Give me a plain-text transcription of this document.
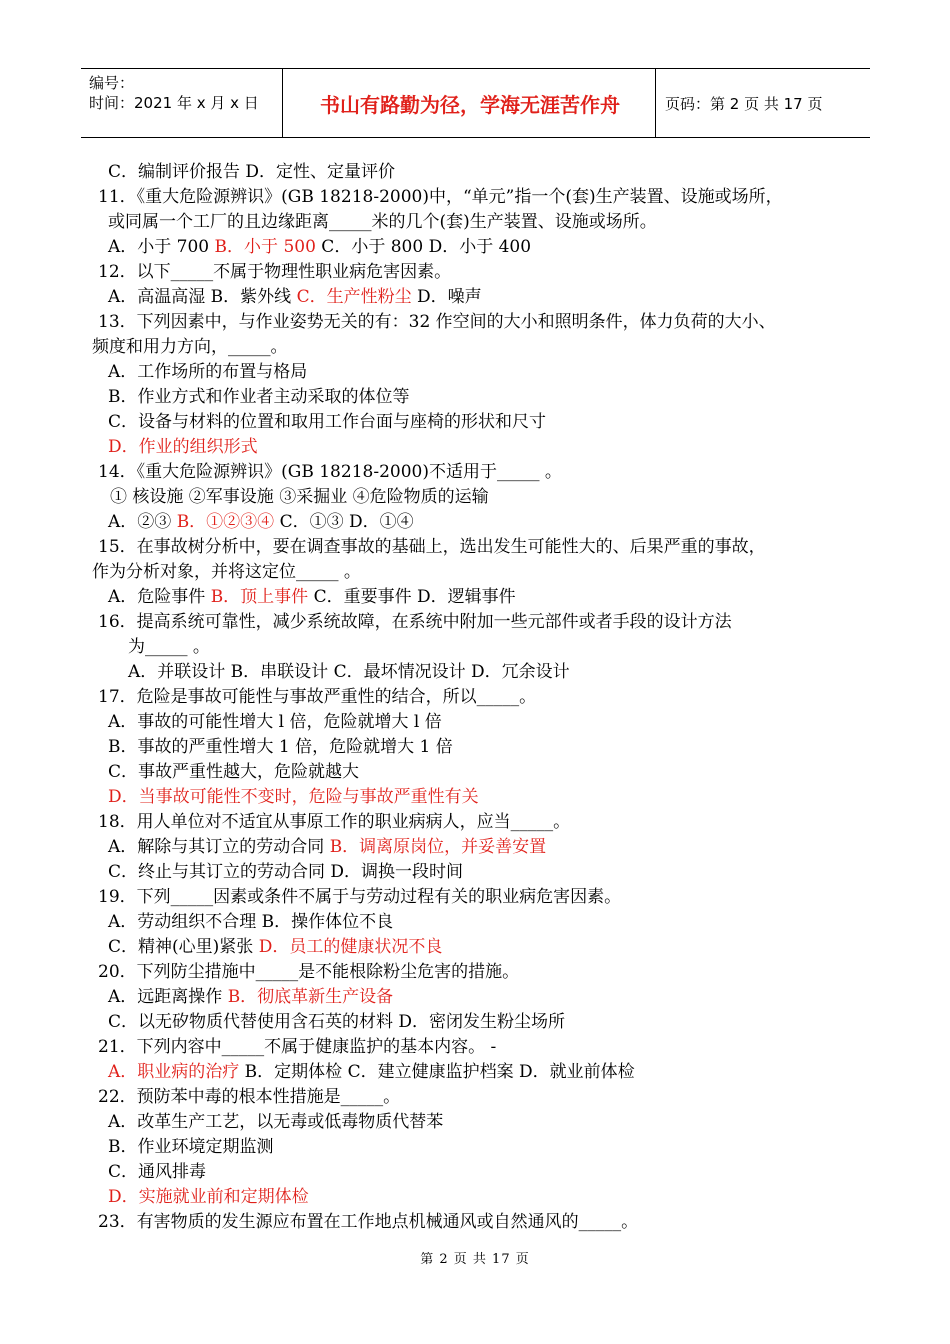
编号：
时间：2021 年 x 月 x 日	书山有路勤为径，学海无涯苦作舟	页码：第 2 页 共 17 页
C．编制评价报告 D．定性、定量评价
11．《重大危险源辨识》(GB 18218-2000)中，“单元”指一个(套)生产装置、设施或场所，
或同属一个工厂的且边缘距离_____米的几个(套)生产装置、设施或场所。
A．小于 700 B．小于 500 C．小于 800 D．小于 400
12．以下_____不属于物理性职业病危害因素。
A．高温高湿 B．紫外线 C．生产性粉尘 D．噪声
13．下列因素中，与作业姿势无关的有：32 作空间的大小和照明条件，体力负荷的大小、
频度和用力方向，_____。
A．工作场所的布置与格局
B．作业方式和作业者主动采取的体位等
C．设备与材料的位置和取用工作台面与座椅的形状和尺寸
D．作业的组织形式
14．《重大危险源辨识》(GB 18218-2000)不适用于_____ 。
① 核设施 ②军事设施 ③采掘业 ④危险物质的运输
A．②③ B．①②③④ C．①③ D．①④
15．在事故树分析中，要在调查事故的基础上，选出发生可能性大的、后果严重的事故，
作为分析对象，并将这定位_____ 。
A．危险事件 B．顶上事件 C．重要事件 D．逻辑事件
16．提高系统可靠性，减少系统故障，在系统中附加一些元部件或者手段的设计方法
为_____ 。
A．并联设计 B．串联设计 C．最坏情况设计 D．冗余设计
17．危险是事故可能性与事故严重性的结合，所以_____。
A．事故的可能性增大 l 倍，危险就增大 l 倍
B．事故的严重性增大 1 倍，危险就增大 1 倍
C．事故严重性越大，危险就越大
D．当事故可能性不变时，危险与事故严重性有关
18．用人单位对不适宜从事原工作的职业病病人，应当_____。
A．解除与其订立的劳动合同 B．调离原岗位，并妥善安置
C．终止与其订立的劳动合同 D．调换一段时间
19．下列_____因素或条件不属于与劳动过程有关的职业病危害因素。
A．劳动组织不合理 B．操作体位不良
C．精神(心里)紧张 D．员工的健康状况不良
20．下列防尘措施中_____是不能根除粉尘危害的措施。
A．远距离操作 B．彻底革新生产设备
C．以无矽物质代替使用含石英的材料 D．密闭发生粉尘场所
21．下列内容中_____不属于健康监护的基本内容。 -
A．职业病的治疗 B．定期体检 C．建立健康监护档案 D．就业前体检
22．预防苯中毒的根本性措施是_____。
A．改革生产工艺，以无毒或低毒物质代替苯
B．作业环境定期监测
C．通风排毒
D．实施就业前和定期体检
23．有害物质的发生源应布置在工作地点机械通风或自然通风的_____。
第 2 页 共 17 页
